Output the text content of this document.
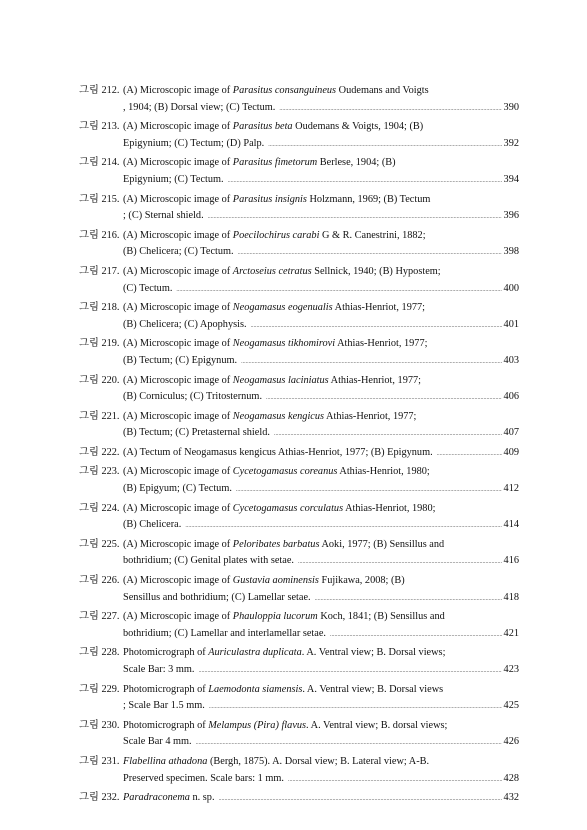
그림 212. (A) Microscopic image of Parasitus consanguineus Oudemans and Voigts
, 1904; (B) Dorsal view; (C) Tectum. .....	390
그림 213. (A) Microscopic image of Parasitus beta Oudemans & Voigts, 1904; (B)
Epigynium; (C) Tectum; (D) Palp. .....	392
그림 214. (A) Microscopic image of Parasitus fimetorum Berlese, 1904; (B)
Epigynium; (C) Tectum. .....	394
그림 215. (A) Microscopic image of Parasitus insignis Holzmann, 1969; (B) Tectum
; (C) Sternal shield. .....	396
그림 216. (A) Microscopic image of Poecilochirus carabi G & R. Canestrini, 1882;
(B) Chelicera; (C) Tectum. .....	398
그림 217. (A) Microscopic image of Arctoseius cetratus Sellnick, 1940; (B) Hypostem;
(C) Tectum. .....	400
그림 218. (A) Microscopic image of Neogamasus eogenualis Athias-Henriot, 1977;
(B) Chelicera; (C) Apophysis. .....	401
그림 219. (A) Microscopic image of Neogamasus tikhomirovi Athias-Henriot, 1977;
(B) Tectum; (C) Epigynum. .....	403
그림 220. (A) Microscopic image of Neogamasus laciniatus Athias-Henriot, 1977;
(B) Corniculus; (C) Tritosternum. .....	406
그림 221. (A) Microscopic image of Neogamasus kengicus Athias-Henriot, 1977;
(B) Tectum; (C) Pretasternal shield. .....	407
그림 222. (A) Tectum of Neogamasus kengicus Athias-Henriot, 1977; (B) Epigynum. .....	409
그림 223. (A) Microscopic image of Cycetogamasus coreanus Athias-Henriot, 1980;
(B) Epigyum; (C) Tectum. .....	412
그림 224. (A) Microscopic image of Cycetogamasus corculatus Athias-Henriot, 1980;
(B) Chelicera. .....	414
그림 225. (A) Microscopic image of Peloribates barbatus Aoki, 1977; (B) Sensillus and
bothridium; (C) Genital plates with setae. .....	416
그림 226. (A) Microscopic image of Gustavia aominensis Fujikawa, 2008; (B)
Sensillus and bothridium; (C) Lamellar setae. .....	418
그림 227. (A) Microscopic image of Phauloppia lucorum Koch, 1841; (B) Sensillus and
bothridium; (C) Lamellar and interlamellar setae. .....	421
그림 228. Photomicrograph of Auriculastra duplicata. A. Ventral view; B. Dorsal views;
Scale Bar: 3 mm. .....	423
그림 229. Photomicrograph of Laemodonta siamensis. A. Ventral view; B. Dorsal views
; Scale Bar 1.5 mm. .....	425
그림 230. Photomicrograph of Melampus (Pira) flavus. A. Ventral view; B. dorsal views;
Scale Bar 4 mm. .....	426
그림 231. Flabellina athadona (Bergh, 1875). A. Dorsal view; B. Lateral view; A-B.
Preserved specimen. Scale bars: 1 mm. .....	428
그림 232. Paradraconema n. sp. .....	432
